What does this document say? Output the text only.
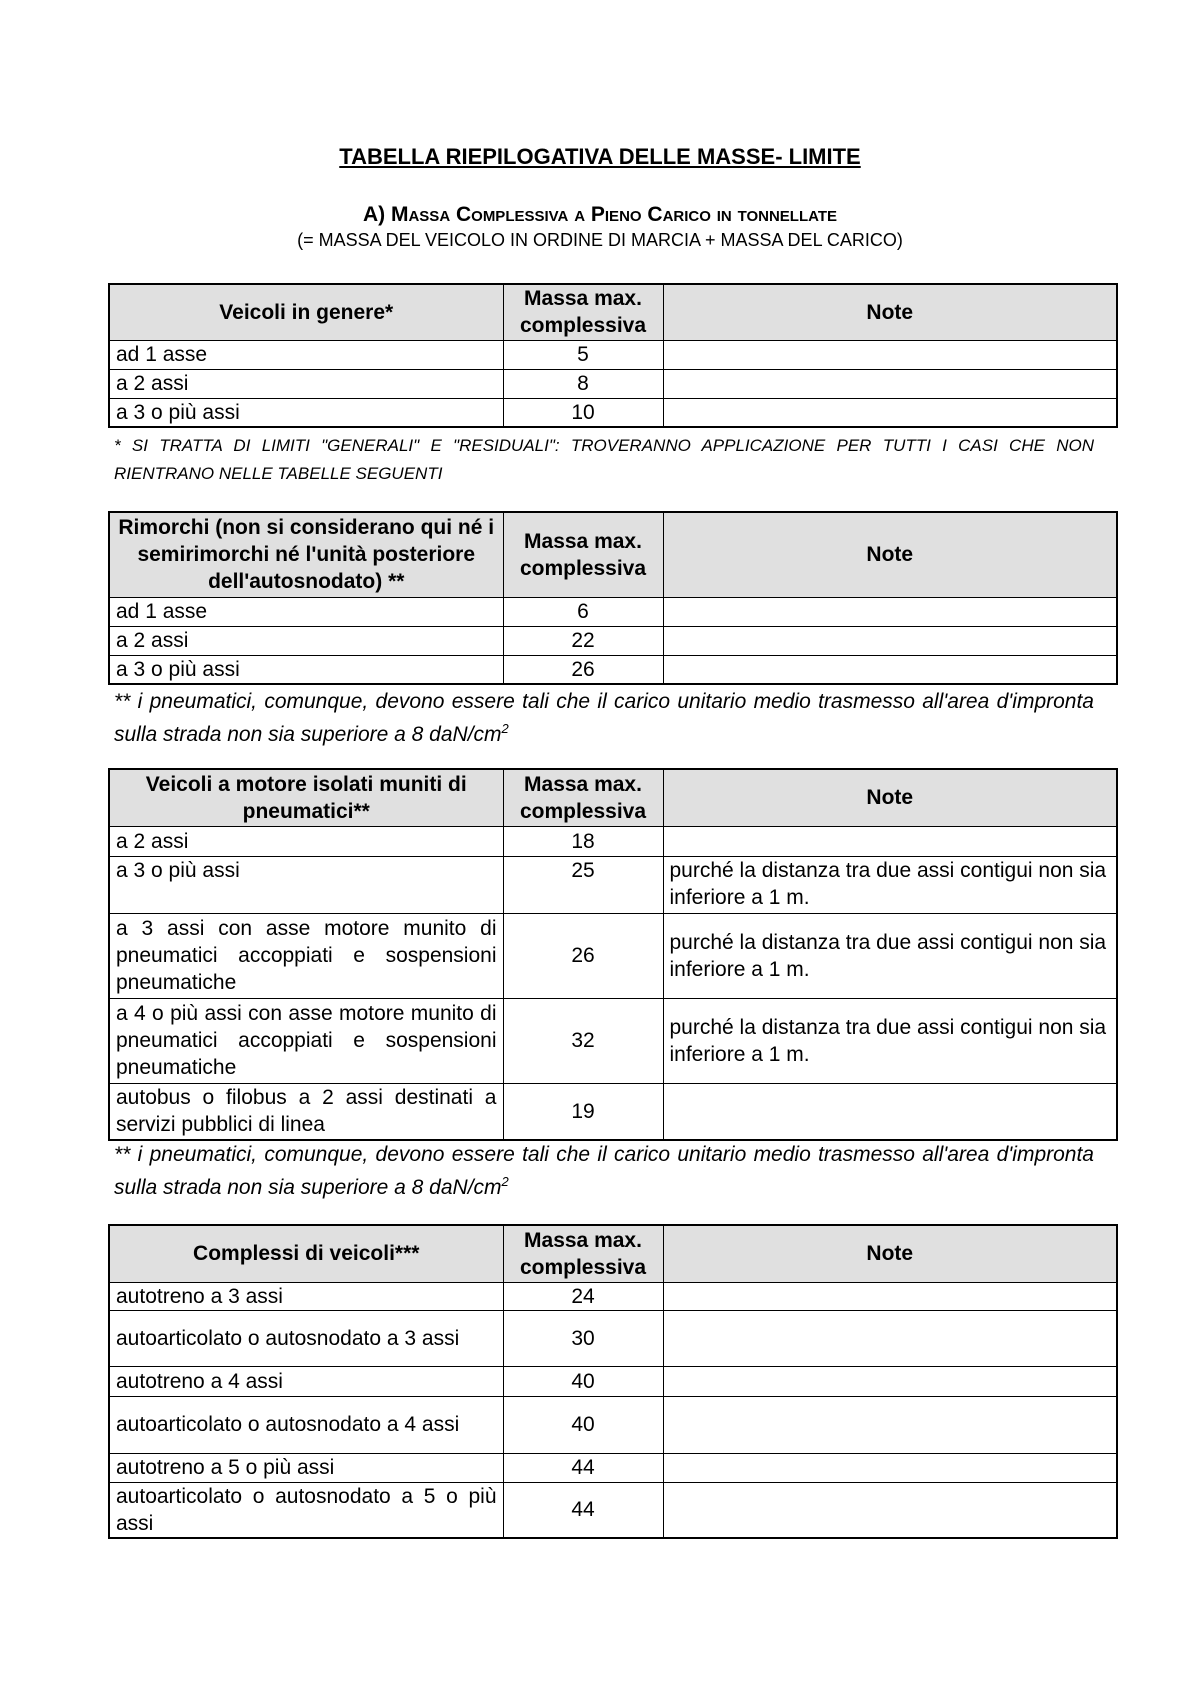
TABELLA RIEPILOGATIVA DELLE MASSE- LIMITE
A) Massa Complessiva a Pieno Carico in tonnellate
(= MASSA DEL VEICOLO IN ORDINE DI MARCIA + MASSA DEL CARICO)
Veicoli in genere*	Massa max. complessiva	Note
ad 1 asse	5	
a 2 assi	8	
a 3 o più assi	10	
* SI TRATTA DI LIMITI "GENERALI" E "RESIDUALI": TROVERANNO APPLICAZIONE PER TUTTI I CASI CHE NON RIENTRANO NELLE TABELLE SEGUENTI
Rimorchi (non si considerano qui né i semirimorchi né l'unità posteriore dell'autosnodato) **	Massa max. complessiva	Note
ad 1 asse	6	
a 2 assi	22	
a 3 o più assi	26	
** i pneumatici, comunque, devono essere tali che il carico unitario medio trasmesso all'area d'impronta sulla strada non sia superiore a 8 daN/$cm^2$
Veicoli a motore isolati muniti di pneumatici**	Massa max. complessiva	Note
a 2 assi	18	
a 3 o più assi	25	purché la distanza tra due assi contigui non sia inferiore a 1 m.
a 3 assi con asse motore munito di pneumatici accoppiati e sospensioni pneumatiche	26	purché la distanza tra due assi contigui non sia inferiore a 1 m.
a 4 o più assi con asse motore munito di pneumatici accoppiati e sospensioni pneumatiche	32	purché la distanza tra due assi contigui non sia inferiore a 1 m.
autobus o filobus a 2 assi destinati a servizi pubblici di linea	19	
** i pneumatici, comunque, devono essere tali che il carico unitario medio trasmesso all'area d'impronta sulla strada non sia superiore a 8 daN/$cm^2$
Complessi di veicoli***	Massa max. complessiva	Note
autotreno a 3 assi	24	
autoarticolato o autosnodato a 3 assi	30	
autotreno a 4 assi	40	
autoarticolato o autosnodato a 4 assi	40	
autotreno a 5 o più assi	44	
autoarticolato o autosnodato a 5 o più assi	44	
